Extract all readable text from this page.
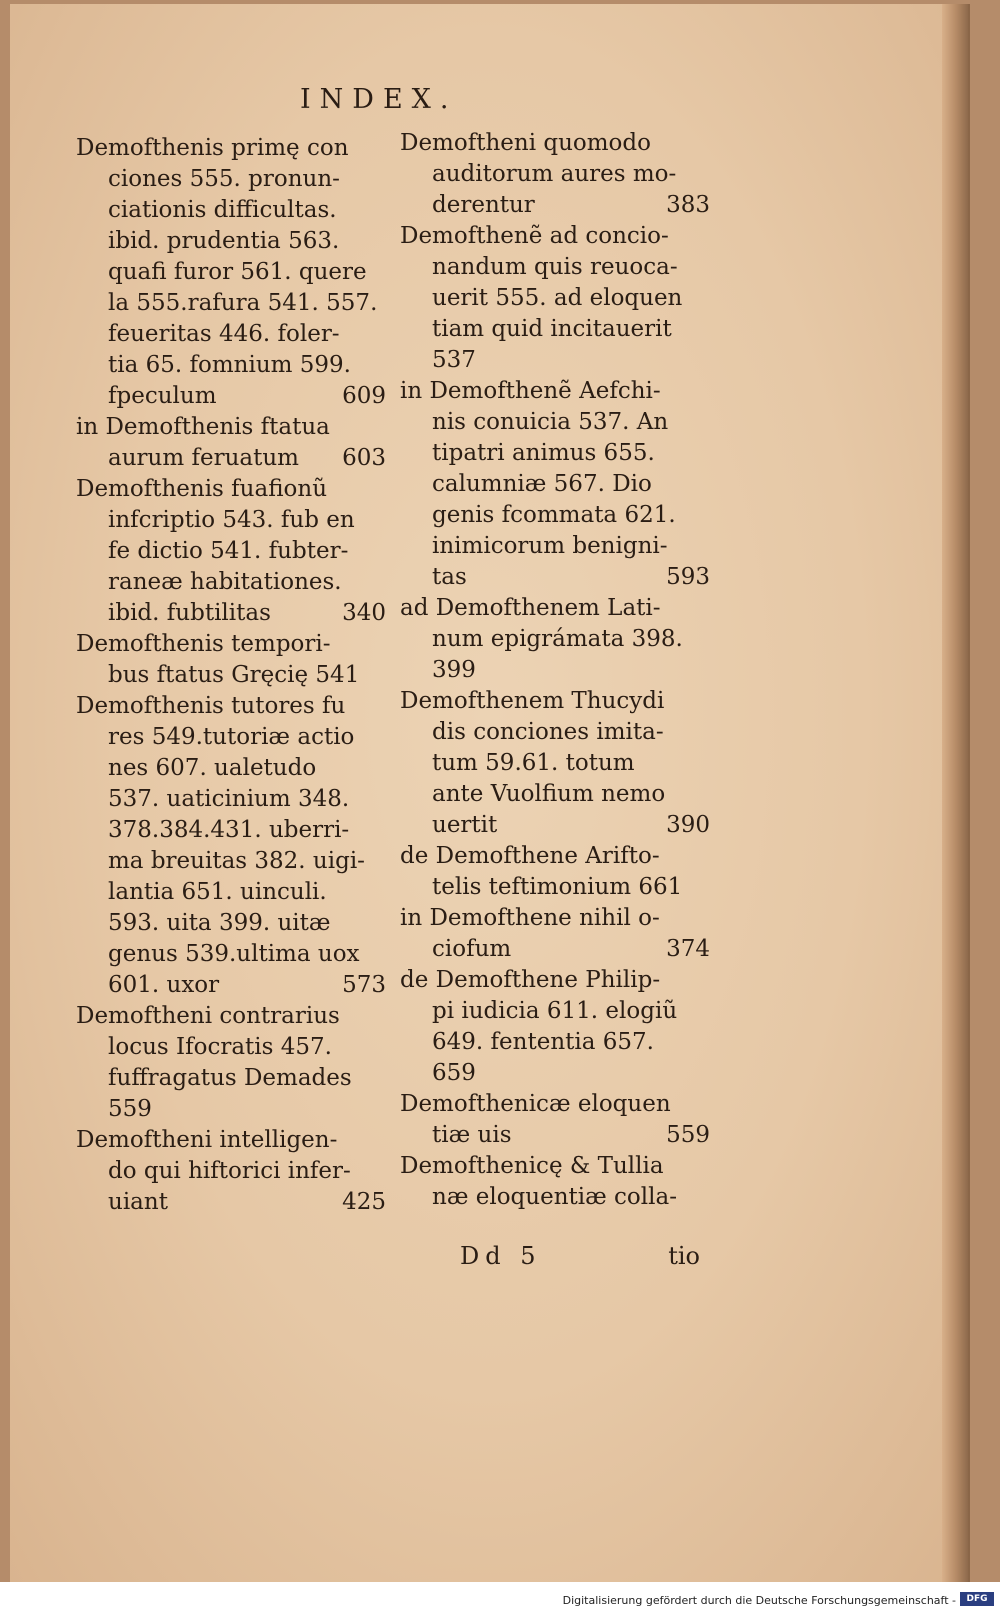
INDEX.
Demofthenis primę con
ciones 555. pronun-
ciationis difficultas.
ibid. prudentia 563.
quafi furor 561. quere
la 555.rafura 541. 557.
feueritas 446. foler-
tia 65. fomnium 599.
fpeculum	609
in Demofthenis ftatua
aurum feruatum 603
Demofthenis fuafionũ
infcriptio 543. fub en
fe dictio 541. fubter-
raneæ habitationes.
ibid. fubtilitas	340
Demofthenis tempori-
bus ftatus Gręcię 541
Demofthenis tutores fu
res 549.tutoriæ actio
nes 607. ualetudo
537. uaticinium 348.
378.384.431. uberri-
ma breuitas 382. uigi-
lantia 651. uinculi.
593. uita 399. uitæ
genus 539.ultima uox
601. uxor	573
Demoftheni contrarius
locus Ifocratis 457.
fuffragatus Demades
559
Demoftheni intelligen-
do qui hiftorici infer-
uiant	425
Demoftheni quomodo
auditorum aures mo-
derentur	383
Demofthenẽ ad concio-
nandum quis reuoca-
uerit 555. ad eloquen
tiam quid incitauerit
537
in Demofthenẽ Aefchi-
nis conuicia 537. An
tipatri animus 655.
calumniæ 567. Dio
genis fcommata 621.
inimicorum benigni-
tas	593
ad Demofthenem Lati-
num epigrámata 398.
399
Demofthenem Thucydi
dis conciones imita-
tum 59.61. totum
ante Vuolfium nemo
uertit	390
de Demofthene Arifto-
telis teftimonium 661
in Demofthene nihil o-
ciofum	374
de Demofthene Philip-
pi iudicia 611. elogiũ
649. fententia 657.
659
Demofthenicæ eloquen
tiæ uis	559
Demofthenicę & Tullia
næ eloquentiæ colla-
Dd 5	tio
Digitalisierung gefördert durch die Deutsche Forschungsgemeinschaft -	DFG
